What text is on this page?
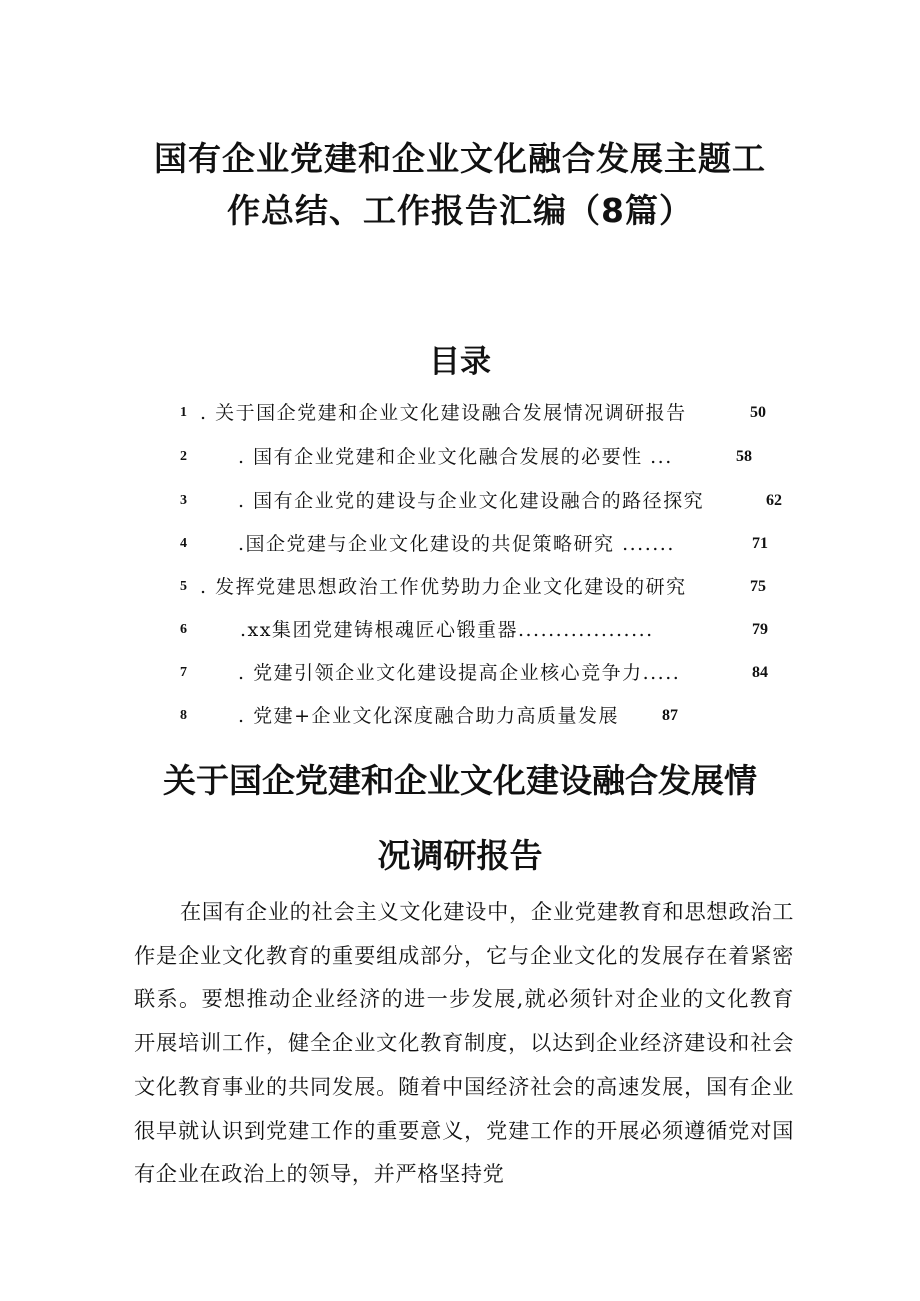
国有企业党建和企业文化融合发展主题工
作总结、工作报告汇编（8篇）
目录
1 . 关于国企党建和企业文化建设融合发展情况调研报告	50
2	. 国有企业党建和企业文化融合发展的必要性 ...	58
3	. 国有企业党的建设与企业文化建设融合的路径探究	62
4	.国企党建与企业文化建设的共促策略研究 .......	71
5 . 发挥党建思想政治工作优势助力企业文化建设的研究	75
6	.xx集团党建铸根魂匠心锻重器..................	79
7	. 党建引领企业文化建设提高企业核心竞争力.....	84
8	. 党建+企业文化深度融合助力高质量发展	87
关于国企党建和企业文化建设融合发展情
况调研报告

在国有企业的社会主义文化建设中，企业党建教育和思想政治工作是企业文化教育的重要组成部分，它与企业文化的发展存在着紧密联系。要想推动企业经济的进一步发展,就必须针对企业的文化教育开展培训工作，健全企业文化教育制度，以达到企业经济建设和社会文化教育事业的共同发展。随着中国经济社会的高速发展，国有企业很早就认识到党建工作的重要意义，党建工作的开展必须遵循党对国有企业在政治上的领导，并严格坚持党
